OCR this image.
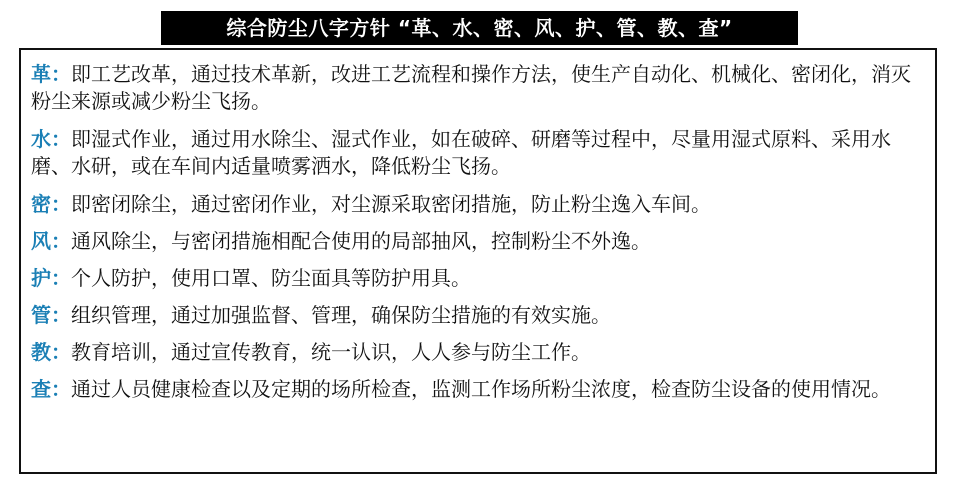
综合防尘八字方针 “革、水、密、风、护、管、教、查”
革：即工艺改革，通过技术革新，改进工艺流程和操作方法，使生产自动化、机械化、密闭化，消灭粉尘来源或减少粉尘飞扬。
水：即湿式作业，通过用水除尘、湿式作业，如在破碎、研磨等过程中，尽量用湿式原料、采用水磨、水研，或在车间内适量喷雾洒水，降低粉尘飞扬。
密：即密闭除尘，通过密闭作业，对尘源采取密闭措施，防止粉尘逸入车间。
风：通风除尘，与密闭措施相配合使用的局部抽风，控制粉尘不外逸。
护：个人防护，使用口罩、防尘面具等防护用具。
管：组织管理，通过加强监督、管理，确保防尘措施的有效实施。
教：教育培训，通过宣传教育，统一认识，人人参与防尘工作。
查：通过人员健康检查以及定期的场所检查，监测工作场所粉尘浓度，检查防尘设备的使用情况。
